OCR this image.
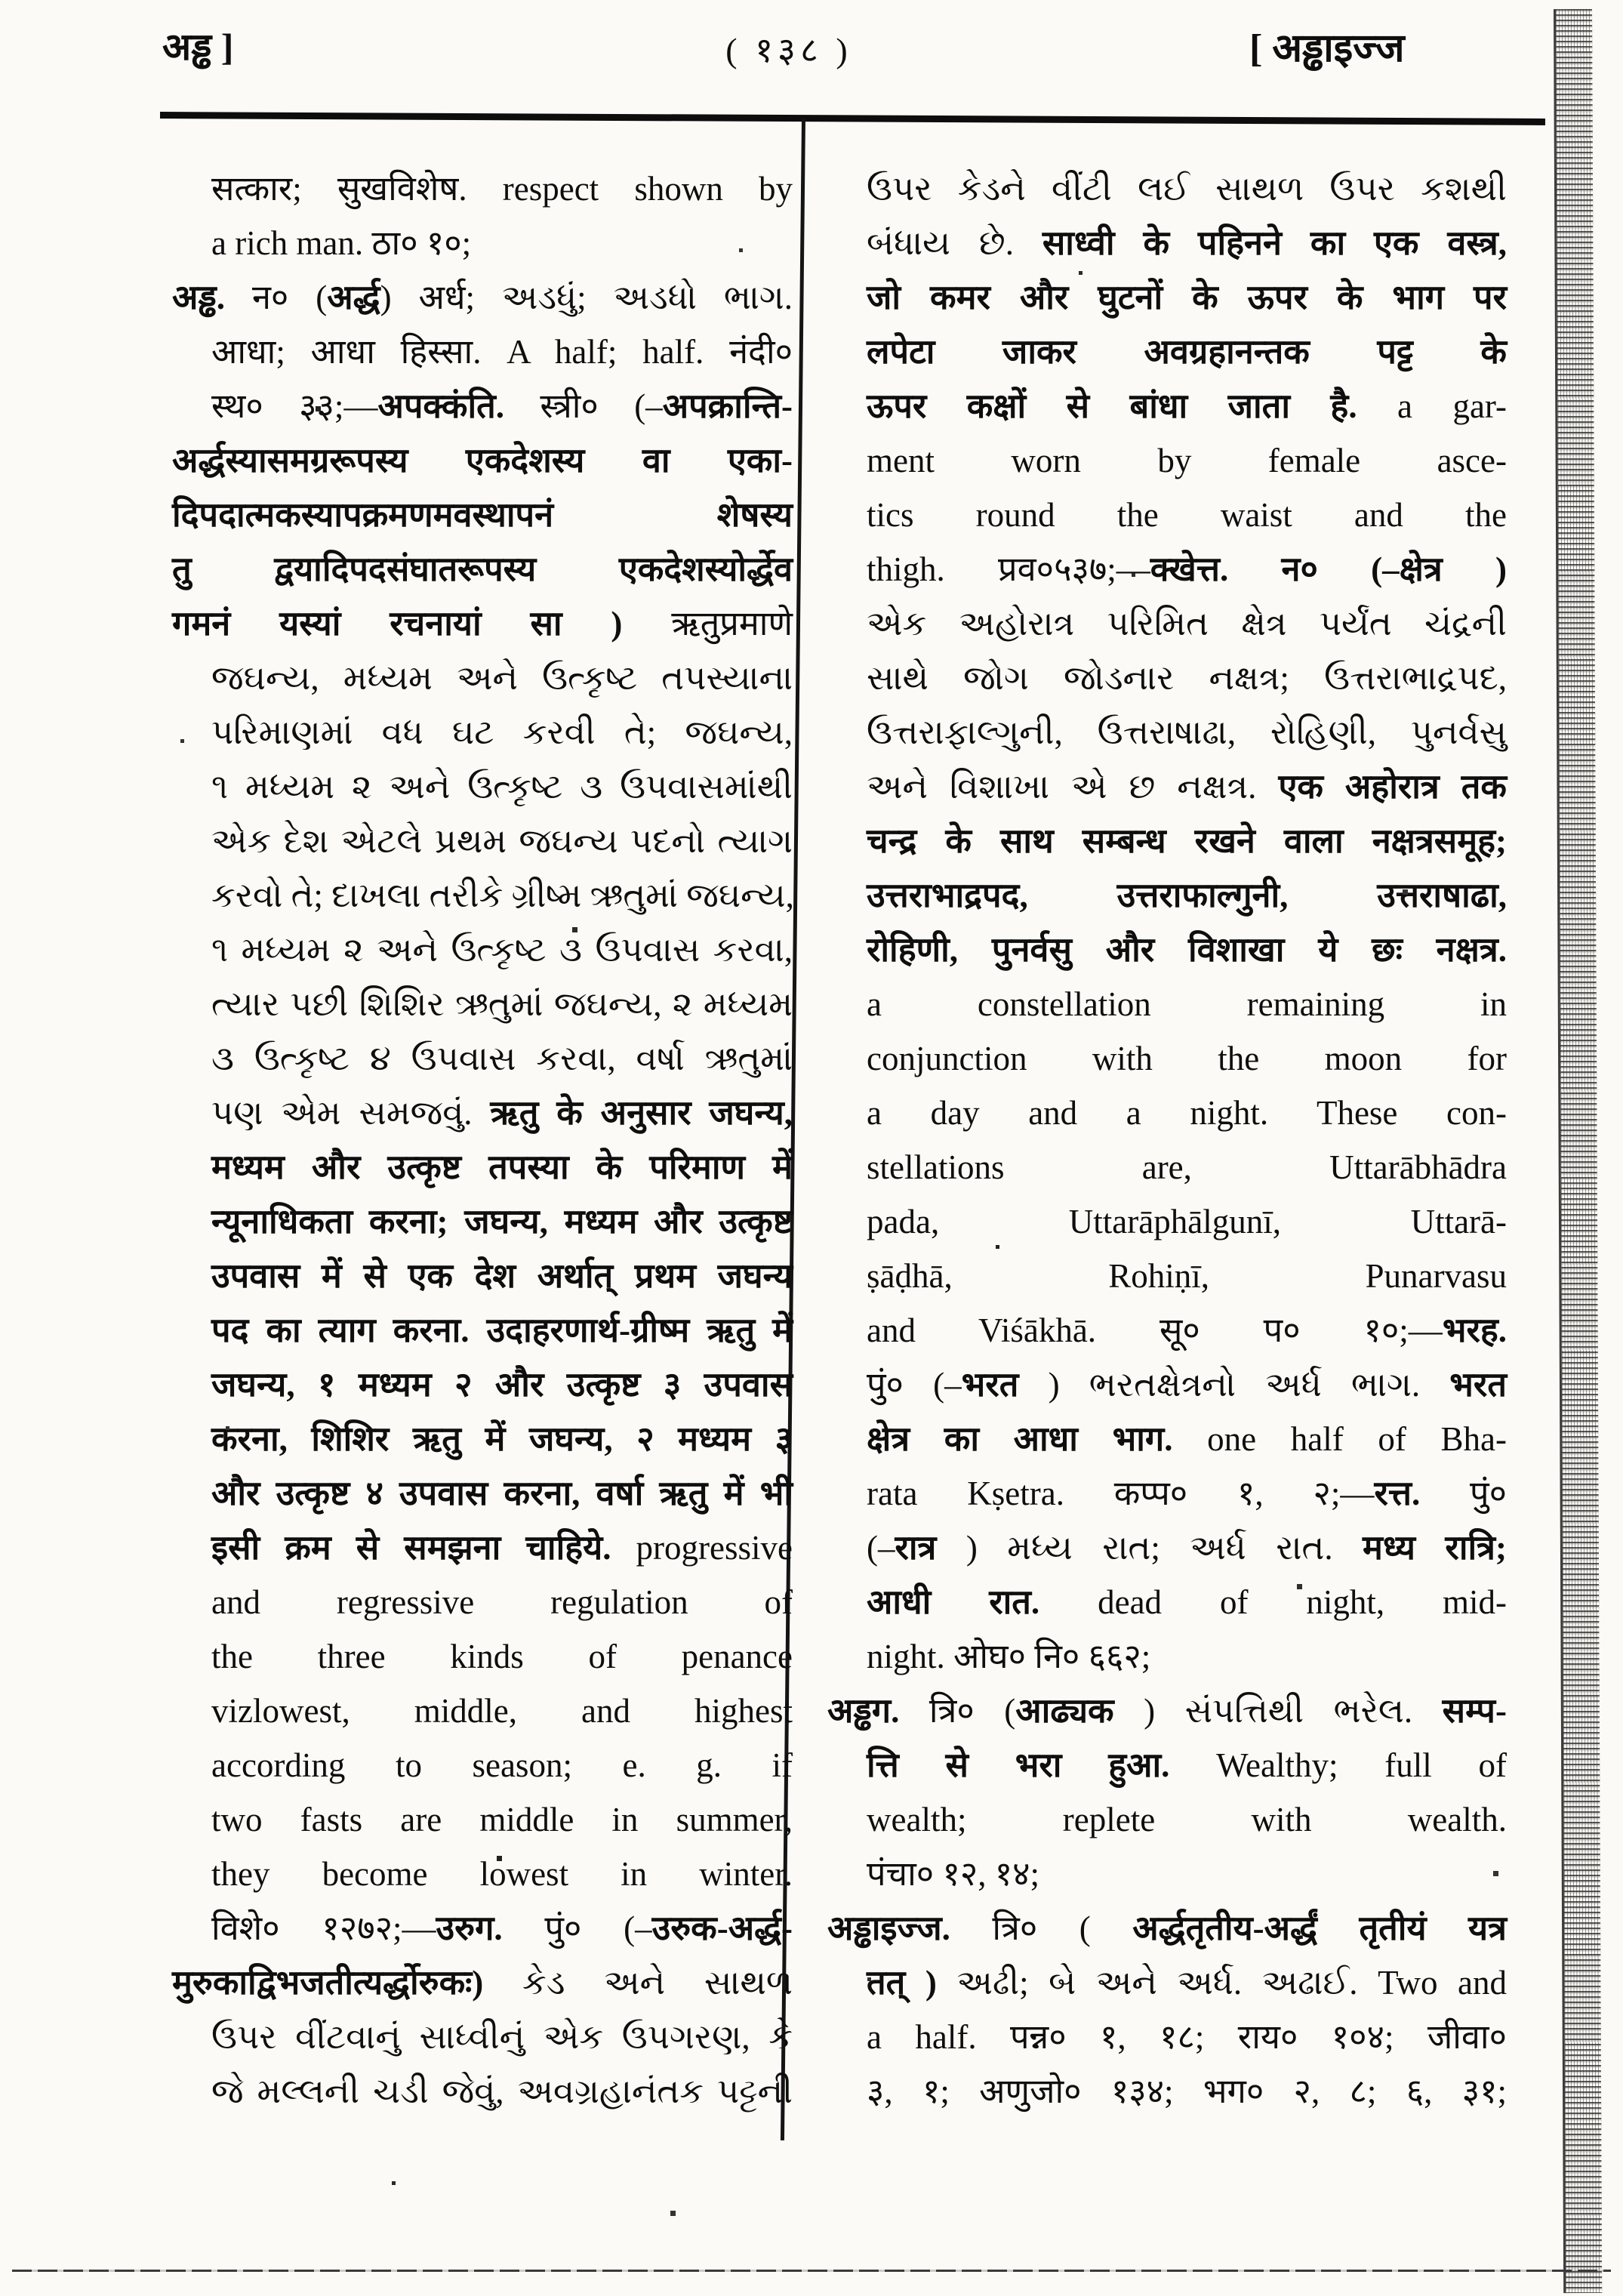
अड्ढ ]	( १३८ )	[ अड्ढाइज्ज
सत्कार; सुखविशेष. respect shown by
a rich man. ठा० १०;
अड्ढ. न० (अर्द्ध) अर्ध; અડધું; અડધો ભાગ.
आधा; आधा हिस्सा. A half; half. नंदी०
स्थ० ३३;—अपक्कंति. स्त्री० (–अपक्रान्ति-
अर्द्धस्यासमग्ररूपस्य एकदेशस्य वा एका-
दिपदात्मकस्यापक्रमणमवस्थापनं शेषस्य
तु द्वयादिपदसंघातरूपस्य एकदेशस्योर्द्धेव
गमनं यस्यां रचनायां सा ) ऋतुप्रमाणे
જઘન્ય, મધ્યમ અને ઉત્કૃષ્ટ તપસ્યાના
પરિમાણમાં વધ ઘટ કરવી તે; જઘન્ય,
૧ મધ્યમ ૨ અને ઉત્કૃષ્ટ ૩ ઉપવાસમાંથી
એક દેશ એટલે પ્રથમ જઘન્ય પદનો ત્યાગ
કરવો તે; દાખલા તરીકે ગ્રીષ્મ ઋતુમાં જઘન્ય,
૧ મધ્યમ ૨ અને ઉત્કૃષ્ટ ૩ ઉપવાસ કરવા,
ત્યાર પછી શિશિર ઋતુમાં જઘન્ય, ૨ મધ્યમ
૩ ઉત્કૃષ્ટ ૪ ઉપવાસ કરવા, વર્ષા ઋતુમાં
પણ એમ સમજવું. ऋतु के अनुसार जघन्य,
मध्यम और उत्कृष्ट तपस्या के परिमाण में
न्यूनाधिकता करना; जघन्य, मध्यम और उत्कृष्ट
उपवास में से एक देश अर्थात् प्रथम जघन्य
पद का त्याग करना. उदाहरणार्थ-ग्रीष्म ऋतु में
जघन्य, १ मध्यम २ और उत्कृष्ट ३ उपवास
करना, शिशिर ऋतु में जघन्य, २ मध्यम ३
और उत्कृष्ट ४ उपवास करना, वर्षा ऋतु में भी
इसी क्रम से समझना चाहिये. progressive
and regressive regulation of
the three kinds of penance
vizlowest, middle, and highest
according to season; e. g. if
two fasts are middle in summer,
they become lowest in winter.
विशे० १२७२;—उरुग. पुं० (–उरुक-अर्द्ध-
मुरुकाद्विभजतीत्यर्द्धोरुकः) કેડ અને સાથળ
ઉપર વીંટવાનું સાધ્વીનું એક ઉપગરણ, કે
જે મલ્લની ચડી જેવું, અવગ્રહાનંતક પટ્ટની
ઉપર કેડને વીંટી લઈ સાથળ ઉપર કશથી
બંધાય છે. साध्वी के पहिनने का एक वस्त्र,
जो कमर और घुटनों के ऊपर के भाग पर
लपेटा जाकर अवग्रहानन्तक पट्ट के
ऊपर कक्षों से बांधा जाता है. a gar-
ment worn by female asce-
tics round the waist and the
thigh. प्रव०५३७;—क्खेत्त. न० (–क्षेत्र )
એક અહોરાત્ર પરિમિત ક્ષેત્ર પર્યંત ચંદ્રની
સાથે જોગ જોડનાર નક્ષત્ર; ઉત્તરાભાદ્રપદ,
ઉત્તરાફાલ્ગુની, ઉત્તરાષાઢા, રોહિણી, પુનર્વસુ
અને વિશાખા એ છ નક્ષત્ર. एक अहोरात्र तक
चन्द्र के साथ सम्बन्ध रखने वाला नक्षत्रसमूह;
उत्तराभाद्रपद, उत्तराफाल्गुनी, उत्तराषाढा,
रोहिणी, पुनर्वसु और विशाखा ये छः नक्षत्र.
a constellation remaining in
conjunction with the moon for
a day and a night. These con-
stellations are, Uttarābhādra
pada, Uttarāphālgunī, Uttarā-
ṣāḍhā, Rohiṇī, Punarvasu
and Viśākhā. सू० प० १०;—भरह.
पुं० (–भरत ) ભરતક્ષેત્રનો અર્ધ ભાગ. भरत
क्षेत्र का आधा भाग. one half of Bha-
rata Kṣetra. कप्प० १, २;—रत्त. पुं०
(–रात्र ) મધ્ય રાત; અર્ધ રાત. मध्य रात्रि;
आधी रात. dead of night, mid-
night. ओघ० नि० ६६२;
अड्ढग. त्रि० (आढ्यक ) સંપત્તિથી ભરેલ. सम्प-
त्ति से भरा हुआ. Wealthy; full of
wealth; replete with wealth.
पंचा० १२, १४;
अड्ढाइज्ज. त्रि० ( अर्द्धतृतीय-अर्द्धं तृतीयं यत्र
तत् ) અઢી; બે અને અર્ધ. અઢાઈ. Two and
a half. पन्न० १, १८; राय० १०४; जीवा०
३, १; अणुजो० १३४; भग० २, ८; ६, ३१;
